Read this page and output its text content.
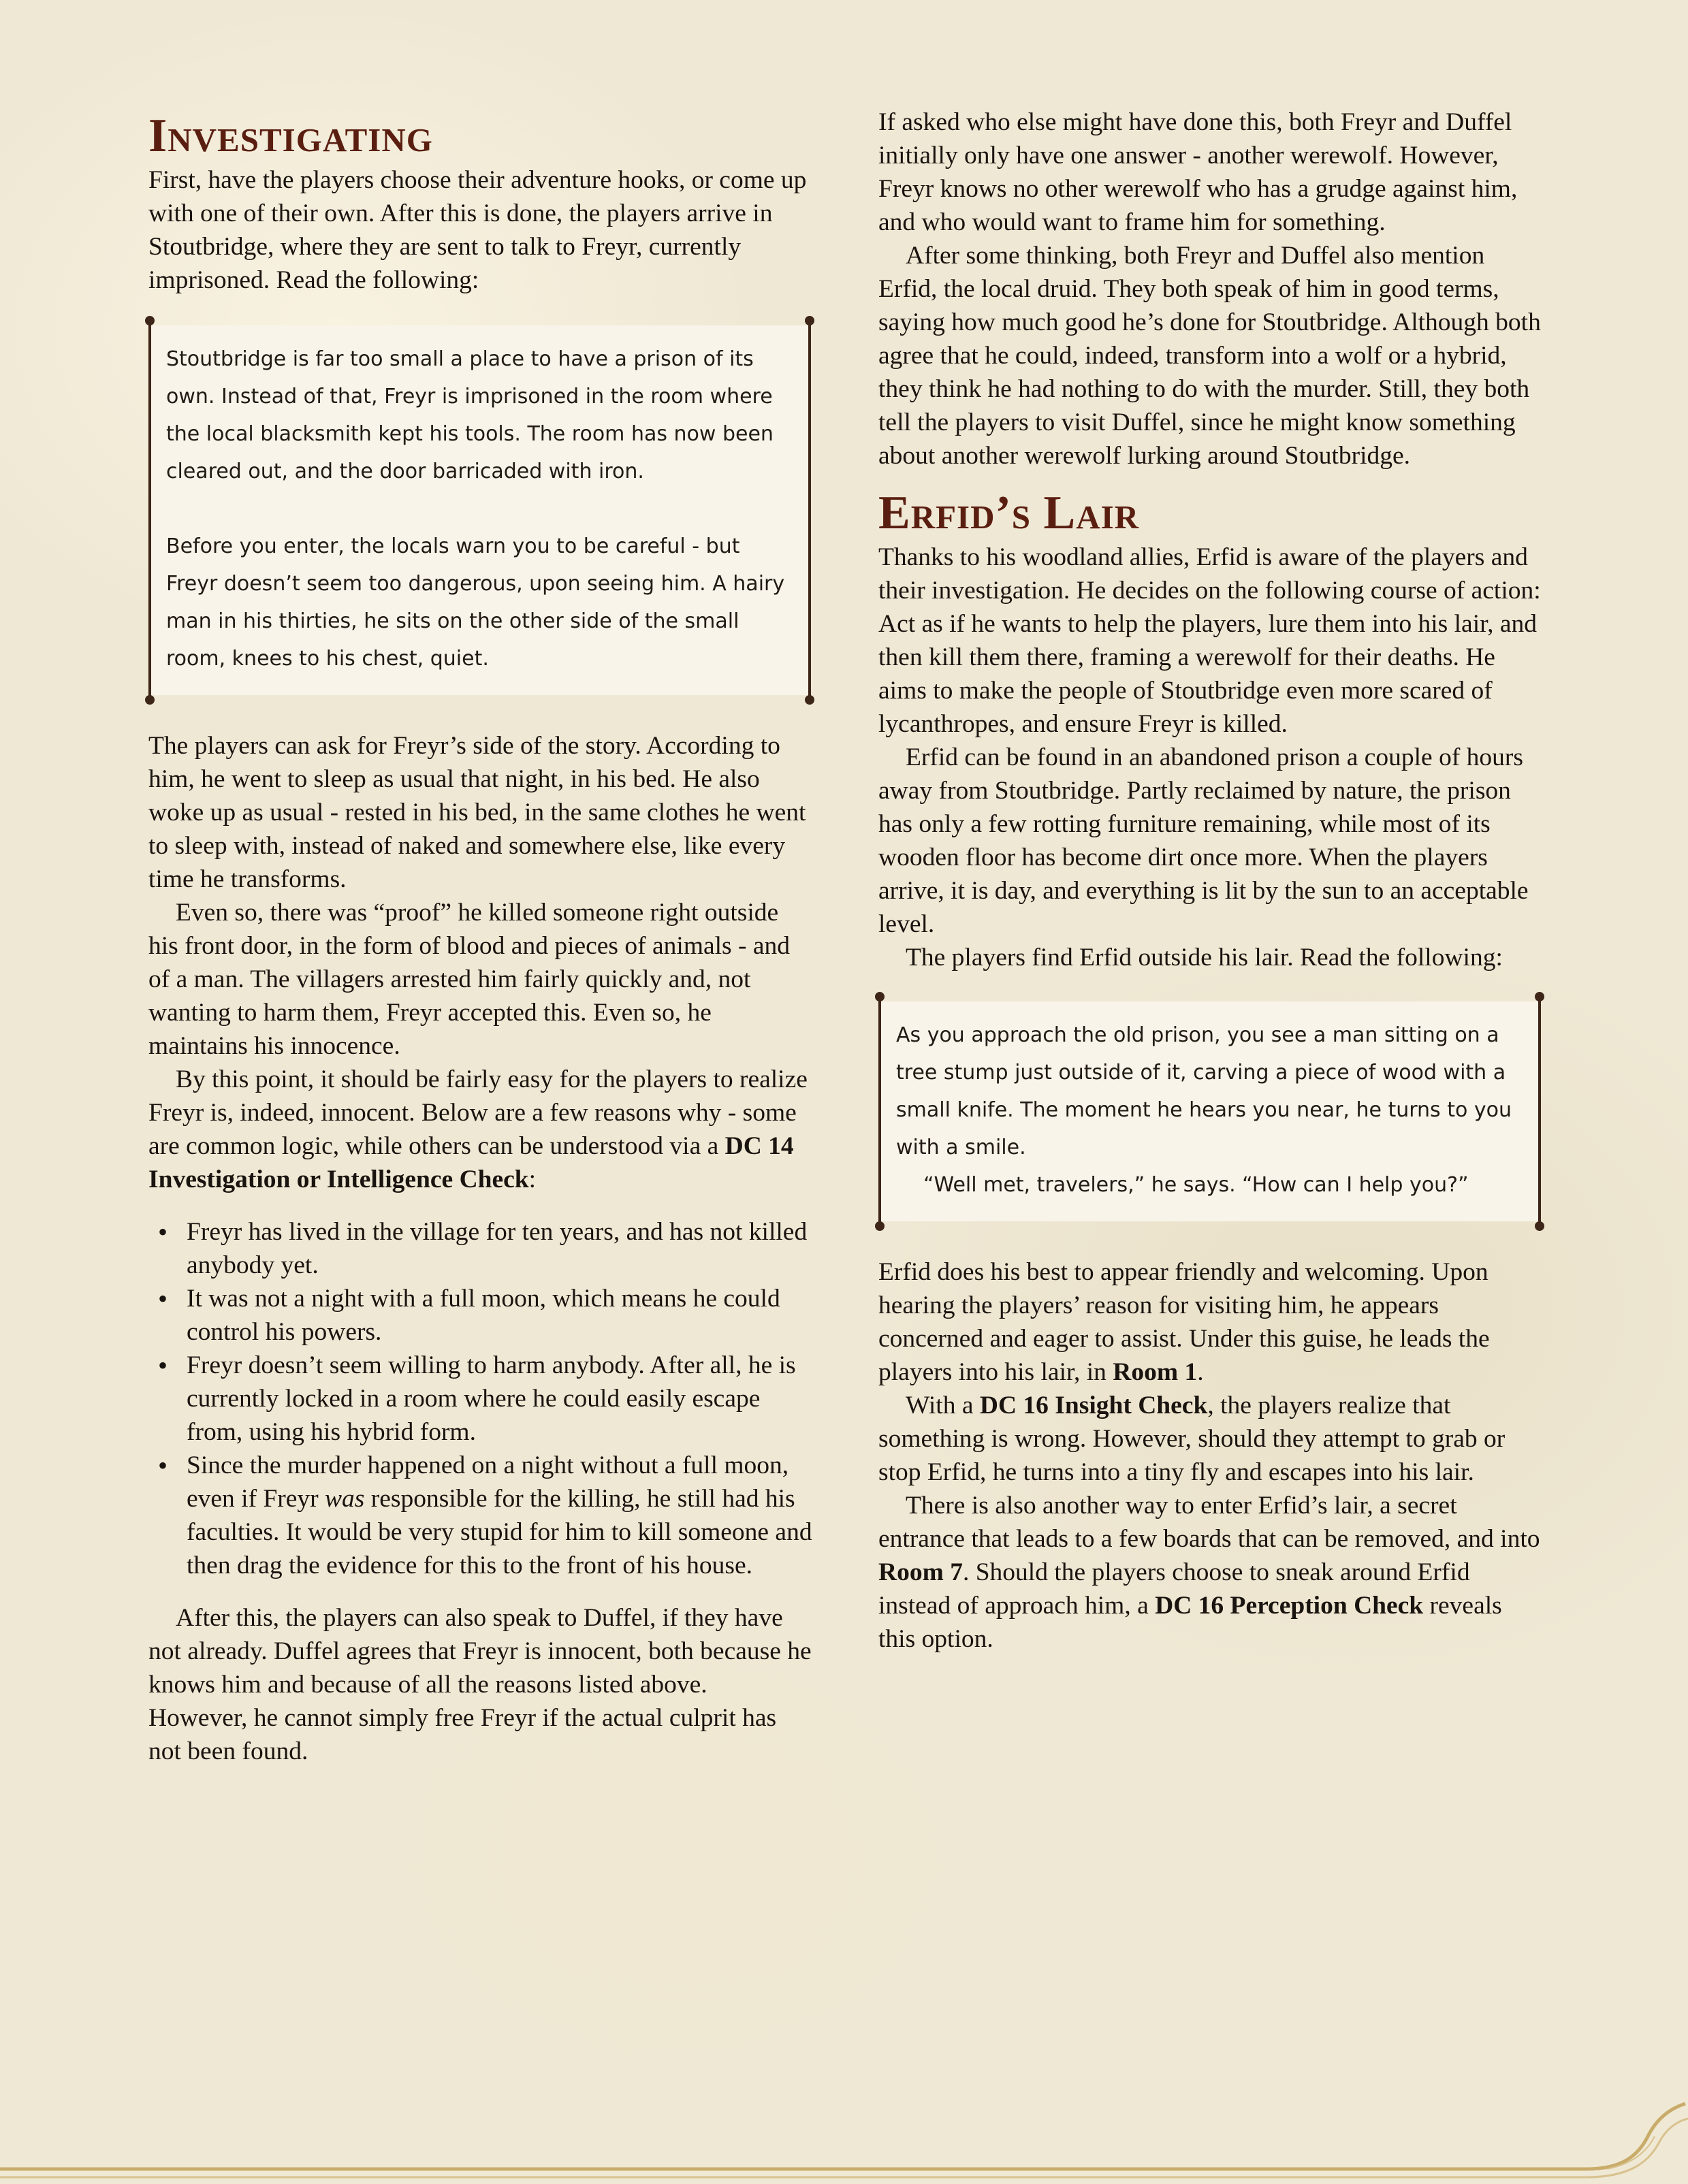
Investigating

First, have the players choose their adventure hooks, or come up with one of their own. After this is done, the players arrive in Stoutbridge, where they are sent to talk to Freyr, currently imprisoned. Read the following:

Stoutbridge is far too small a place to have a prison of its own. Instead of that, Freyr is imprisoned in the room where the local blacksmith kept his tools. The room has now been cleared out, and the door barricaded with iron.

Before you enter, the locals warn you to be careful - but Freyr doesn’t seem too dangerous, upon seeing him. A hairy man in his thirties, he sits on the other side of the small room, knees to his chest, quiet.

The players can ask for Freyr’s side of the story. According to him, he went to sleep as usual that night, in his bed. He also woke up as usual - rested in his bed, in the same clothes he went to sleep with, instead of naked and somewhere else, like every time he transforms.

Even so, there was “proof” he killed someone right outside his front door, in the form of blood and pieces of animals - and of a man. The villagers arrested him fairly quickly and, not wanting to harm them, Freyr accepted this. Even so, he maintains his innocence.

By this point, it should be fairly easy for the players to realize Freyr is, indeed, innocent. Below are a few reasons why - some are common logic, while others can be understood via a DC 14 Investigation or Intelligence Check:

• Freyr has lived in the village for ten years, and has not killed anybody yet.
• It was not a night with a full moon, which means he could control his powers.
• Freyr doesn’t seem willing to harm anybody. After all, he is currently locked in a room where he could easily escape from, using his hybrid form.
• Since the murder happened on a night without a full moon, even if Freyr was responsible for the killing, he still had his faculties. It would be very stupid for him to kill someone and then drag the evidence for this to the front of his house.

After this, the players can also speak to Duffel, if they have not already. Duffel agrees that Freyr is innocent, both because he knows him and because of all the reasons listed above. However, he cannot simply free Freyr if the actual culprit has not been found.

If asked who else might have done this, both Freyr and Duffel initially only have one answer - another werewolf. However, Freyr knows no other werewolf who has a grudge against him, and who would want to frame him for something.

After some thinking, both Freyr and Duffel also mention Erfid, the local druid. They both speak of him in good terms, saying how much good he’s done for Stoutbridge. Although both agree that he could, indeed, transform into a wolf or a hybrid, they think he had nothing to do with the murder. Still, they both tell the players to visit Duffel, since he might know something about another werewolf lurking around Stoutbridge.

Erfid’s Lair

Thanks to his woodland allies, Erfid is aware of the players and their investigation. He decides on the following course of action: Act as if he wants to help the players, lure them into his lair, and then kill them there, framing a werewolf for their deaths. He aims to make the people of Stoutbridge even more scared of lycanthropes, and ensure Freyr is killed.

Erfid can be found in an abandoned prison a couple of hours away from Stoutbridge. Partly reclaimed by nature, the prison has only a few rotting furniture remaining, while most of its wooden floor has become dirt once more. When the players arrive, it is day, and everything is lit by the sun to an acceptable level.

The players find Erfid outside his lair. Read the following:

As you approach the old prison, you see a man sitting on a tree stump just outside of it, carving a piece of wood with a small knife. The moment he hears you near, he turns to you with a smile.

“Well met, travelers,” he says. “How can I help you?”

Erfid does his best to appear friendly and welcoming. Upon hearing the players’ reason for visiting him, he appears concerned and eager to assist. Under this guise, he leads the players into his lair, in Room 1.

With a DC 16 Insight Check, the players realize that something is wrong. However, should they attempt to grab or stop Erfid, he turns into a tiny fly and escapes into his lair.

There is also another way to enter Erfid’s lair, a secret entrance that leads to a few boards that can be removed, and into Room 7. Should the players choose to sneak around Erfid instead of approach him, a DC 16 Perception Check reveals this option.
